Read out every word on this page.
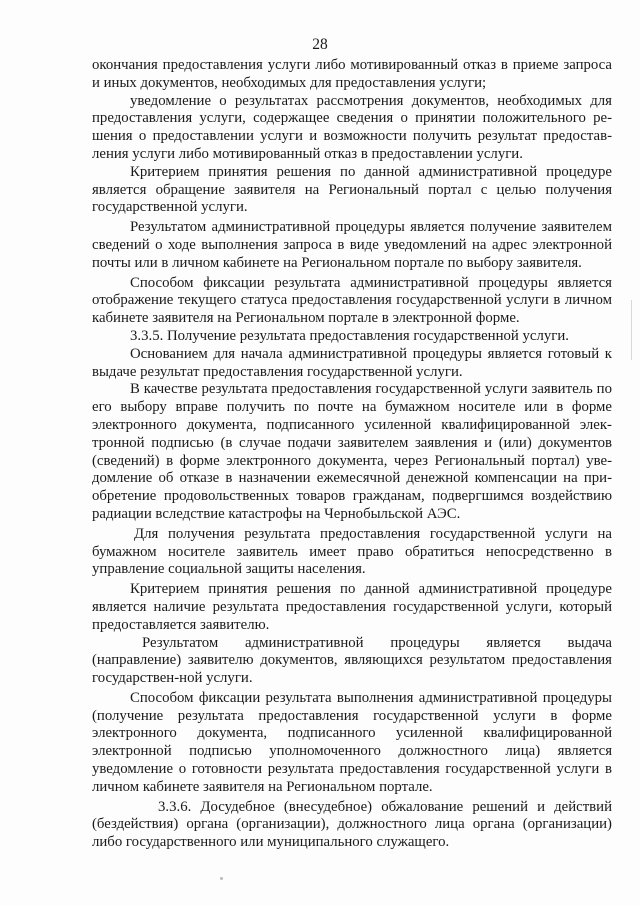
28

окончания предоставления услуги либо мотивированный отказ в приеме запроса и иных документов, необходимых для предоставления услуги;

уведомление о результатах рассмотрения документов, необходимых для предоставления услуги, содержащее сведения о принятии положительного ре-шения о предоставлении услуги и возможности получить результат предостав-ления услуги либо мотивированный отказ в предоставлении услуги.

Критерием принятия решения по данной административной процедуре является обращение заявителя на Региональный портал с целью получения государственной услуги.

Результатом административной процедуры является получение заявителем сведений о ходе выполнения запроса в виде уведомлений на адрес электронной почты или в личном кабинете на Региональном портале по выбору заявителя.

Способом фиксации результата административной процедуры является отображение текущего статуса предоставления государственной услуги в личном кабинете заявителя на Региональном портале в электронной форме.

3.3.5. Получение результата предоставления государственной услуги.

Основанием для начала административной процедуры является готовый к выдаче результат предоставления государственной услуги.

В качестве результата предоставления государственной услуги заявитель по его выбору вправе получить по почте на бумажном носителе или в форме электронного документа, подписанного усиленной квалифицированной элек-тронной подписью (в случае подачи заявителем заявления и (или) документов (сведений) в форме электронного документа, через Региональный портал) уве-домление об отказе в назначении ежемесячной денежной компенсации на при-обретение продовольственных товаров гражданам, подвергшимся воздействию радиации вследствие катастрофы на Чернобыльской АЭС.

Для получения результата предоставления государственной услуги на бумажном носителе заявитель имеет право обратиться непосредственно в управление социальной защиты населения.

Критерием принятия решения по данной административной процедуре является наличие результата предоставления государственной услуги, который предоставляется заявителю.

Результатом административной процедуры является выдача (направление) заявителю документов, являющихся результатом предоставления государствен-ной услуги.

Способом фиксации результата выполнения административной процедуры (получение результата предоставления государственной услуги в форме электронного документа, подписанного усиленной квалифицированной электронной подписью уполномоченного должностного лица) является уведомление о готовности результата предоставления государственной услуги в личном кабинете заявителя на Региональном портале.

3.3.6. Досудебное (внесудебное) обжалование решений и действий (бездействия) органа (организации), должностного лица органа (организации) либо государственного или муниципального служащего.
